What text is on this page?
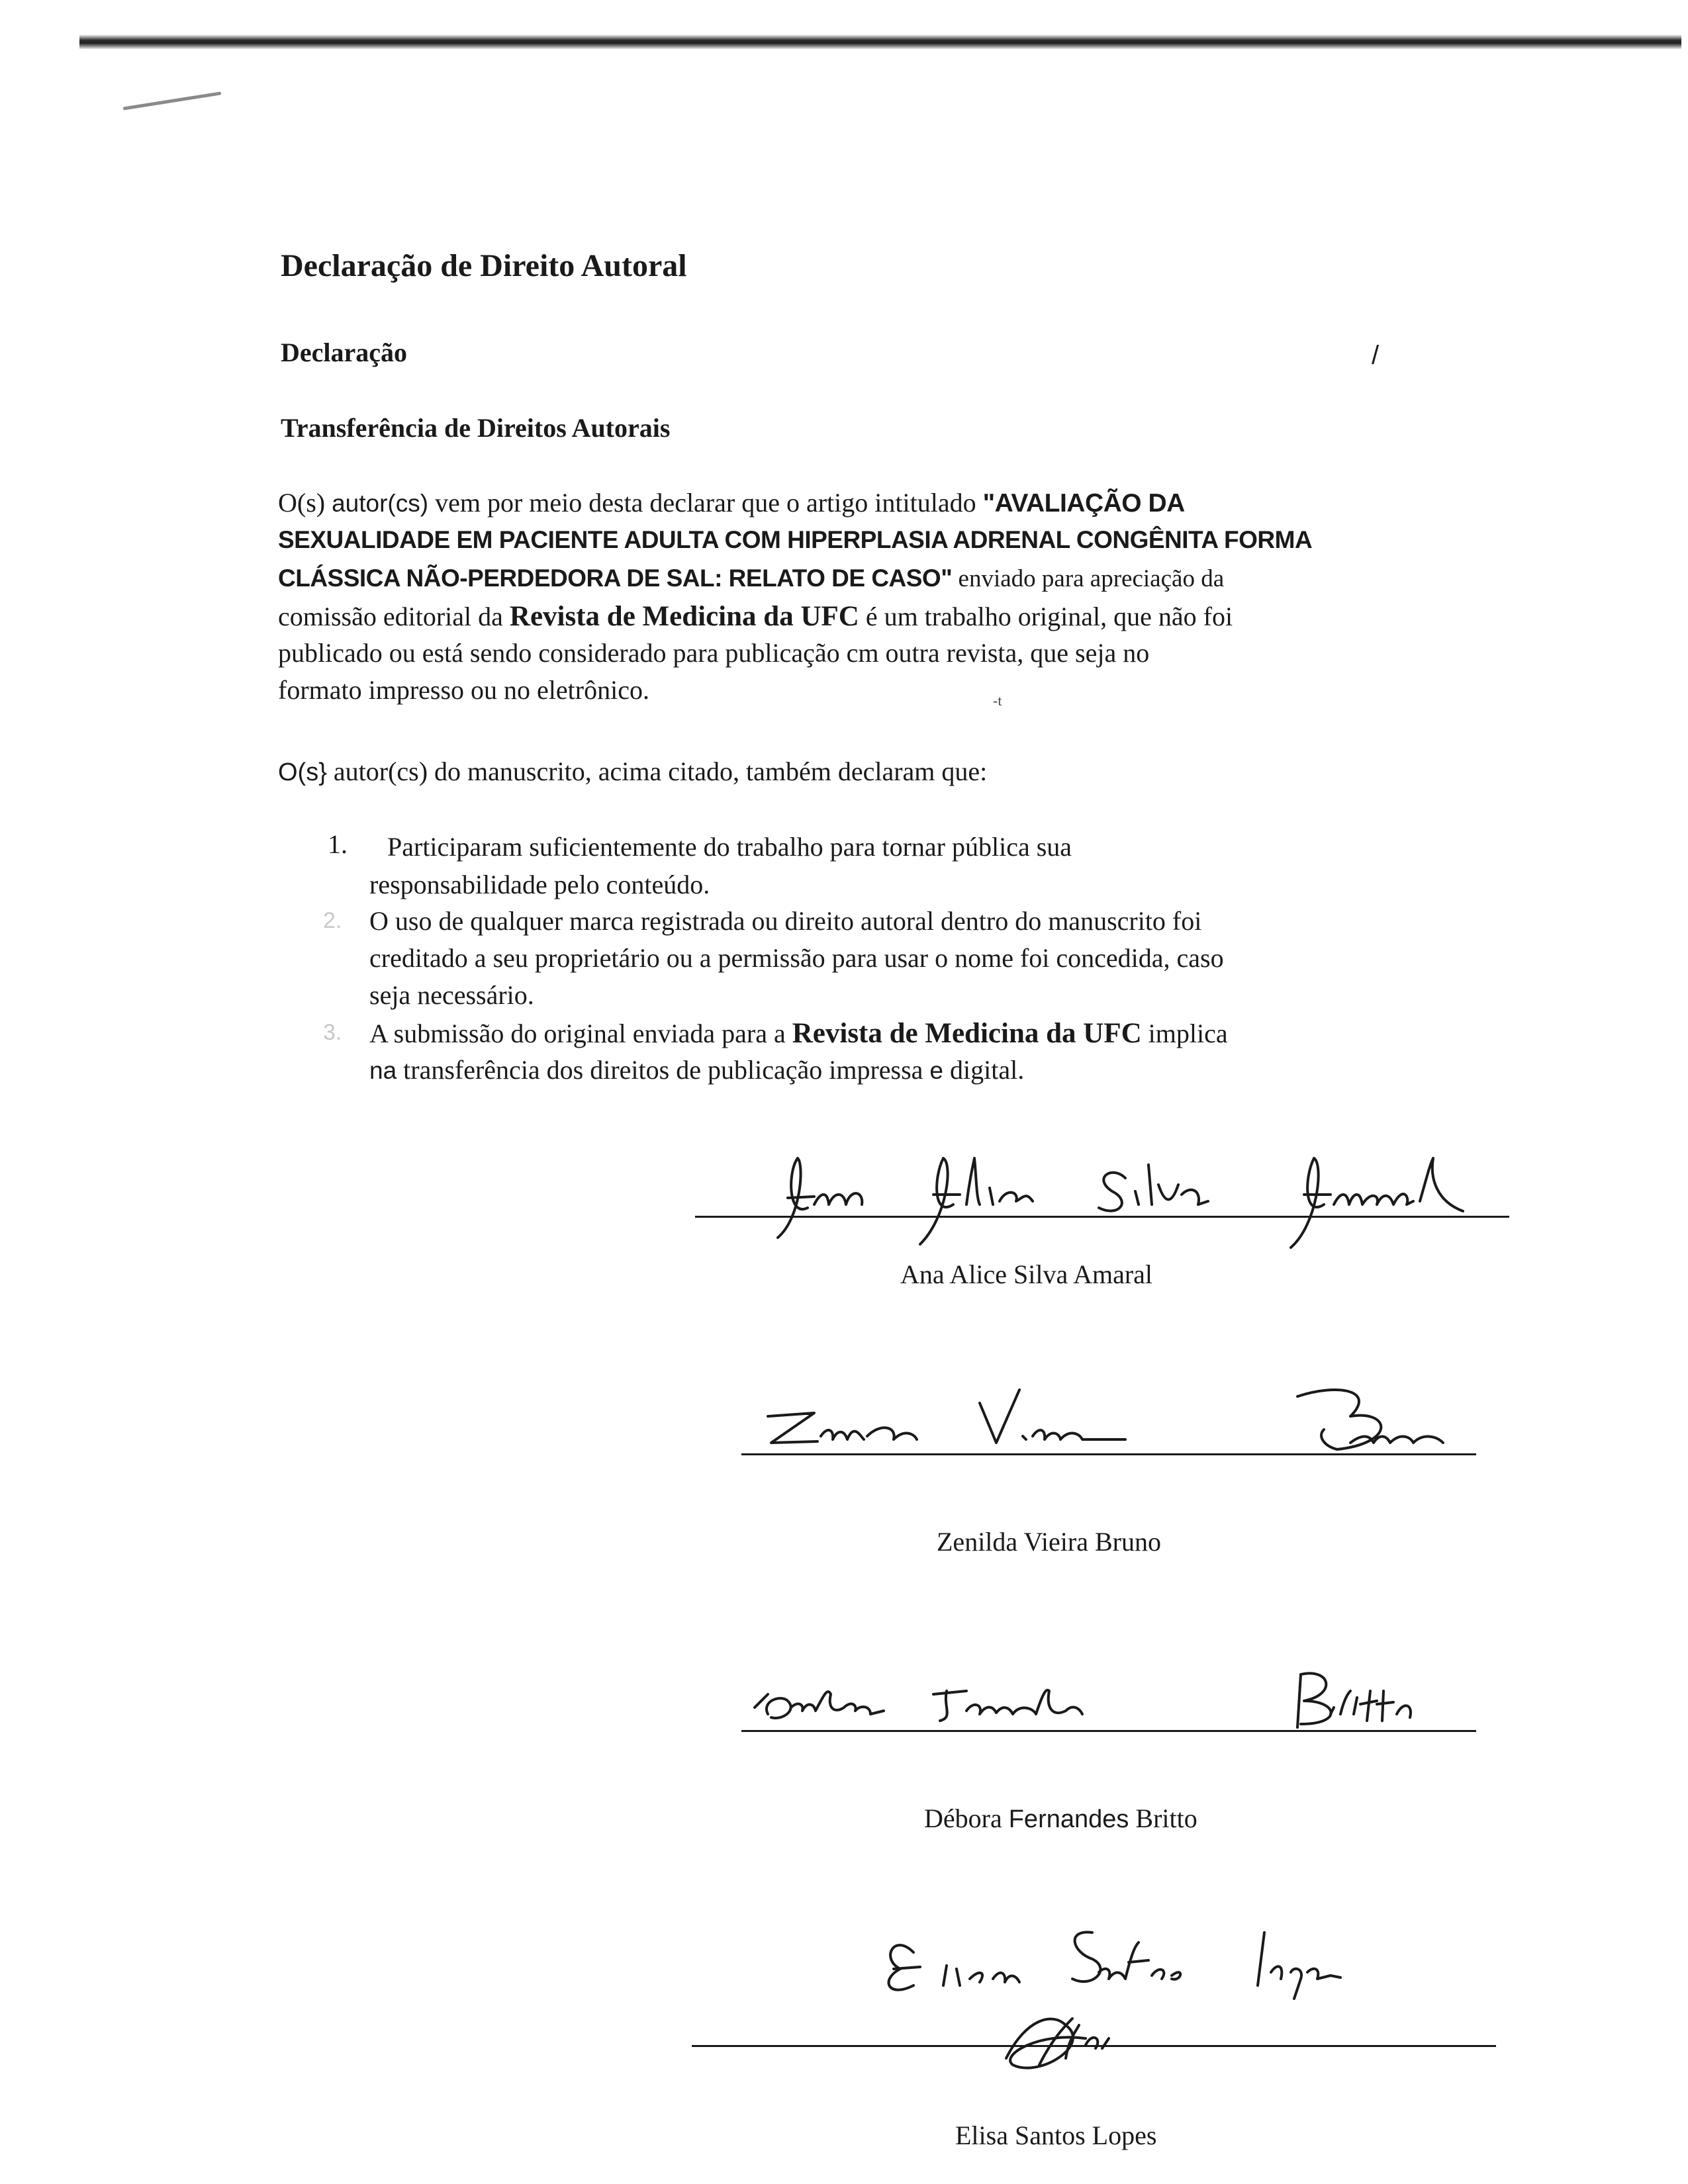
Declaração de Direito Autoral
Declaração	/
Transferência de Direitos Autorais
O(s) autor(cs) vem por meio desta declarar que o artigo intitulado "AVALIAÇÃO DA
SEXUALIDADE EM PACIENTE ADULTA COM HIPERPLASIA ADRENAL CONGÊNITA FORMA
CLÁSSICA NÃO-PERDEDORA DE SAL: RELATO DE CASO" enviado para apreciação da
comissão editorial da Revista de Medicina da UFC é um trabalho original, que não foi
publicado ou está sendo considerado para publicação cm outra revista, que seja no
formato impresso ou no eletrônico.	-t
O(s} autor(cs) do manuscrito, acima citado, também declaram que:
1. Participaram suficientemente do trabalho para tornar pública sua
responsabilidade pelo conteúdo.
2. O uso de qualquer marca registrada ou direito autoral dentro do manuscrito foi
creditado a seu proprietário ou a permissão para usar o nome foi concedida, caso
seja necessário.
3. A submissão do original enviada para a Revista de Medicina da UFC implica
na transferência dos direitos de publicação impressa e digital.
Ana Alice Silva Amaral
Zenilda Vieira Bruno
Débora Fernandes Britto
Elisa Santos Lopes
